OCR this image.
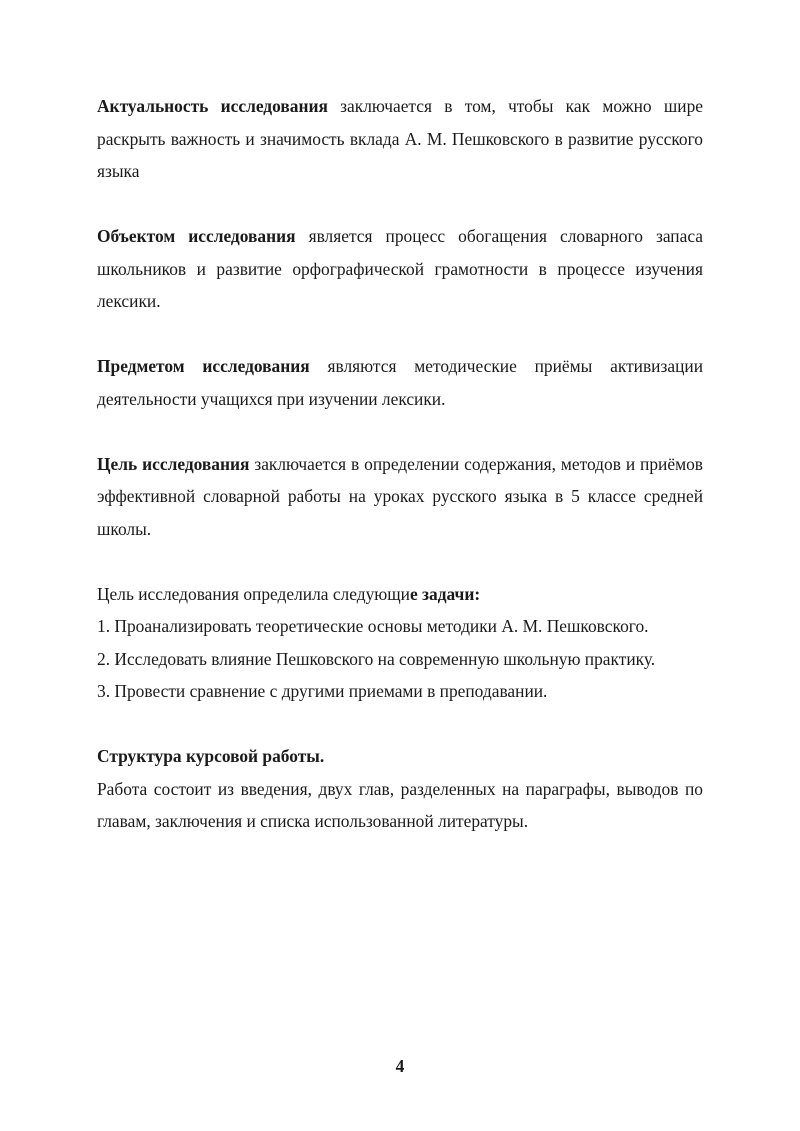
Актуальность исследования заключается в том, чтобы как можно шире раскрыть важность и значимость вклада А. М. Пешковского в развитие русского языка

Объектом исследования является процесс обогащения словарного запаса школьников и развитие орфографической грамотности в процессе изучения лексики.

Предметом исследования являются методические приёмы активизации деятельности учащихся при изучении лексики.

Цель исследования заключается в определении содержания, методов и приёмов эффективной словарной работы на уроках русского языка в 5 классе средней школы.

Цель исследования определила следующие задачи:

1. Проанализировать теоретические основы методики А. М. Пешковского.

2. Исследовать влияние Пешковского на современную школьную практику.

3. Провести сравнение с другими приемами в преподавании.

Структура курсовой работы.

Работа состоит из введения, двух глав, разделенных на параграфы, выводов по главам, заключения и списка использованной литературы.

4
